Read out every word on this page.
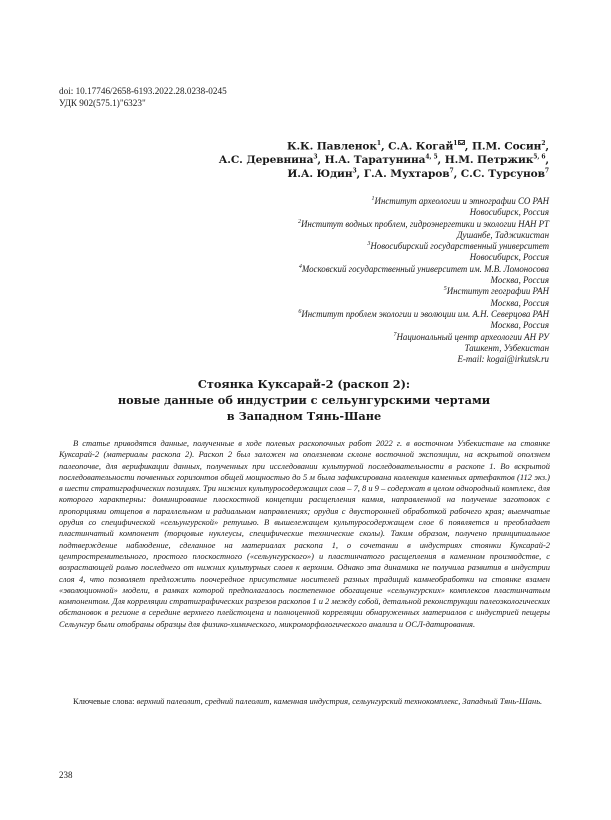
doi: 10.17746/2658-6193.2022.28.0238-0245
УДК 902(575.1)"6323"
К.К. Павленок$^1$, С.А. Когай$^1$ , П.М. Сосин$^2$,
А.С. Деревнина$^3$, Н.А. Таратунина$^{4, 5}$, Н.М. Петржик$^{5, 6}$,
И.А. Юдин$^3$, Г.А. Мухтаров$^7$, С.С. Турсунов$^7$
$^1$Институт археологии и этнографии СО РАН
Новосибирск, Россия
$^2$Институт водных проблем, гидроэнергетики и экологии НАН РТ
Душанбе, Таджикистан
$^3$Новосибирский государственный университет
Новосибирск, Россия
$^4$Московский государственный университет им. М.В. Ломоносова
Москва, Россия
$^5$Институт географии РАН
Москва, Россия
$^6$Институт проблем экологии и эволюции им. А.Н. Северцова РАН
Москва, Россия
$^7$Национальный центр археологии АН РУ
Ташкент, Узбекистан
E-mail: kogai@irkutsk.ru
Стоянка Куксарай-2 (раскоп 2):
новые данные об индустрии с сельунгурскими чертами
в Западном Тянь-Шане

В статье приводятся данные, полученные в ходе полевых раскопочных работ 2022 г. в восточном Узбекистане на стоянке Куксарай-2 (материалы раскопа 2). Раскоп 2 был заложен на оползневом склоне восточной экспозиции, на вскрытой оползнем палеопочве, для верификации данных, полученных при исследовании культурной последовательности в раскопе 1. Во вскрытой последовательности почвенных горизонтов общей мощностью до 5 м была зафиксирована коллекция каменных артефактов (112 экз.) в шести стратиграфических позициях. Три нижних культуросодержащих слоя – 7, 8 и 9 – содержат в целом однородный комплекс, для которого характерны: доминирование плоскостной концепции расщепления камня, направленной на получение заготовок с пропорциями отщепов в параллельном и радиальном направлениях; орудия с двусторонней обработкой рабочего края; выемчатые орудия со специфической «сельунгурской» ретушью. В вышележащем культуросодержащем слое 6 появляется и преобладает пластинчатый компонент (торцовые нуклеусы, специфические технические сколы). Таким образом, получено принципиальное подтверждение наблюдение, сделанное на материалах раскопа 1, о сочетании в индустриях стоянки Куксарай-2 центростремительного, простого плоскостного («сельунгурского») и пластинчатого расщепления в каменном производстве, с возрастающей ролью последнего от нижних культурных слоев к верхним. Однако эта динамика не получила развития в индустрии слоя 4, что позволяет предложить поочередное присутствие носителей разных традиций камнеобработки на стоянке взамен «эволюционной» модели, в рамках которой предполагалось постепенное обогащение «сельунгурских» комплексов пластинчатым компонентом. Для корреляции стратиграфических разрезов раскопов 1 и 2 между собой, детальной реконструкции палеоэкологических обстановок в регионе в середине верхнего плейстоцена и полноценной корреляции обнаруженных материалов с индустрией пещеры Сельунгур были отобраны образцы для физико-химического, микроморфологического анализа и ОСЛ-датирования.

Ключевые слова: верхний палеолит, средний палеолит, каменная индустрия, сельунгурский технокомплекс, Западный Тянь-Шань.
238
